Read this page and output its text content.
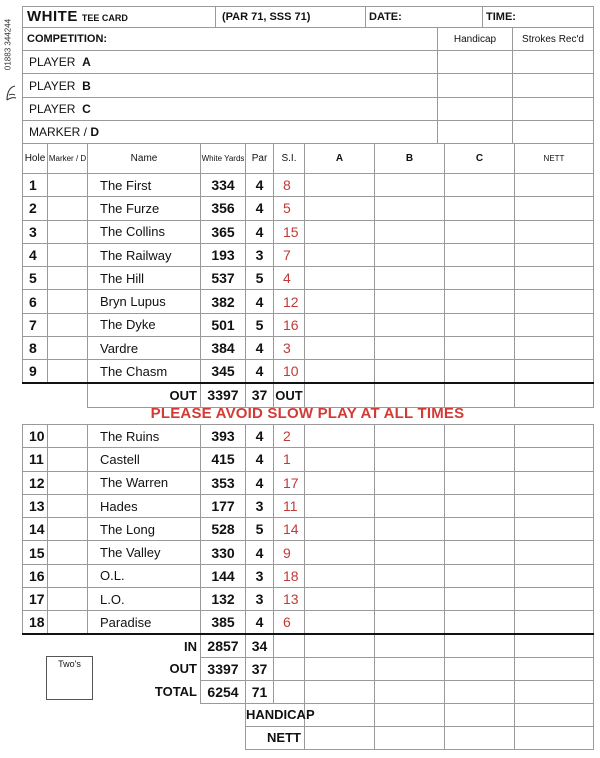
01883 344244
WHITE TEE CARD	(PAR 71, SSS 71)	DATE:	TIME:
COMPETITION:	Handicap	Strokes Rec'd
PLAYER A		
PLAYER B		
PLAYER C		
MARKER / D		
Hole	Marker / D	Name	White Yards	Par	S.I.	A	B	C	NETT
1		The First	334	4	8				
2		The Furze	356	4	5				
3		The Collins	365	4	15				
4		The Railway	193	3	7				
5		The Hill	537	5	4				
6		Bryn Lupus	382	4	12				
7		The Dyke	501	5	16				
8		Vardre	384	4	3				
9		The Chasm	345	4	10				
		OUT	3397	37	OUT				
PLEASE AVOID SLOW PLAY AT ALL TIMES
10		The Ruins	393	4	2				
11		Castell	415	4	1				
12		The Warren	353	4	17				
13		Hades	177	3	11				
14		The Long	528	5	14				
15		The Valley	330	4	9				
16		O.L.	144	3	18				
17		L.O.	132	3	13				
18		Paradise	385	4	6				
		IN	2857	34					
		OUT	3397	37					
		TOTAL	6254	71					
				HANDICAP					
				NETT					
Two's
